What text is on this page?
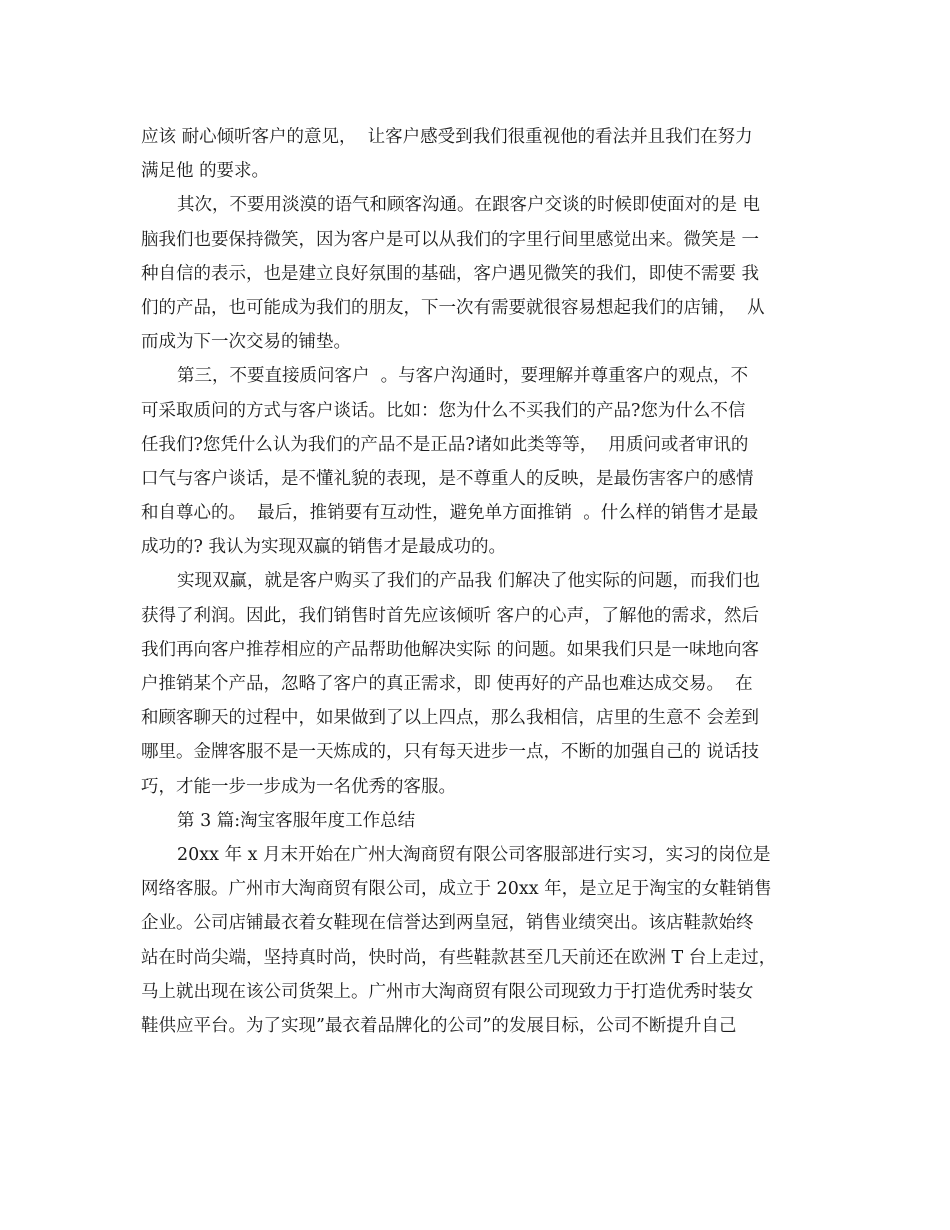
应该 耐心倾听客户的意见，  让客户感受到我们很重视他的看法并且我们在努力
满足他 的要求。
其次，不要用淡漠的语气和顾客沟通。在跟客户交谈的时候即使面对的是 电
脑我们也要保持微笑，因为客户是可以从我们的字里行间里感觉出来。微笑是 一
种自信的表示，也是建立良好氛围的基础，客户遇见微笑的我们，即使不需要 我
们的产品，也可能成为我们的朋友，下一次有需要就很容易想起我们的店铺，  从
而成为下一次交易的铺垫。
第三，不要直接质问客户  。与客户沟通时，要理解并尊重客户的观点，不
可采取质问的方式与客户谈话。比如：您为什么不买我们的产品?您为什么不信
任我们?您凭什么认为我们的产品不是正品?诸如此类等等，  用质问或者审讯的
口气与客户谈话，是不懂礼貌的表现，是不尊重人的反映，是最伤害客户的感情
和自尊心的。  最后，推销要有互动性，避免单方面推销  。什么样的销售才是最
成功的? 我认为实现双赢的销售才是最成功的。
实现双赢，就是客户购买了我们的产品我 们解决了他实际的问题，而我们也
获得了利润。因此，我们销售时首先应该倾听 客户的心声，了解他的需求，然后
我们再向客户推荐相应的产品帮助他解决实际 的问题。如果我们只是一味地向客
户推销某个产品，忽略了客户的真正需求，即 使再好的产品也难达成交易。  在
和顾客聊天的过程中，如果做到了以上四点，那么我相信，店里的生意不 会差到
哪里。金牌客服不是一天炼成的，只有每天进步一点，不断的加强自己的 说话技
巧，才能一步一步成为一名优秀的客服。
第 3 篇:淘宝客服年度工作总结
20xx 年 x 月末开始在广州大淘商贸有限公司客服部进行实习，实习的岗位是
网络客服。广州市大淘商贸有限公司，成立于 20xx 年，是立足于淘宝的女鞋销售
企业。公司店铺最衣着女鞋现在信誉达到两皇冠，销售业绩突出。该店鞋款始终
站在时尚尖端，坚持真时尚，快时尚，有些鞋款甚至几天前还在欧洲 T 台上走过，
马上就出现在该公司货架上。广州市大淘商贸有限公司现致力于打造优秀时装女
鞋供应平台。为了实现”最衣着品牌化的公司”的发展目标，公司不断提升自己
